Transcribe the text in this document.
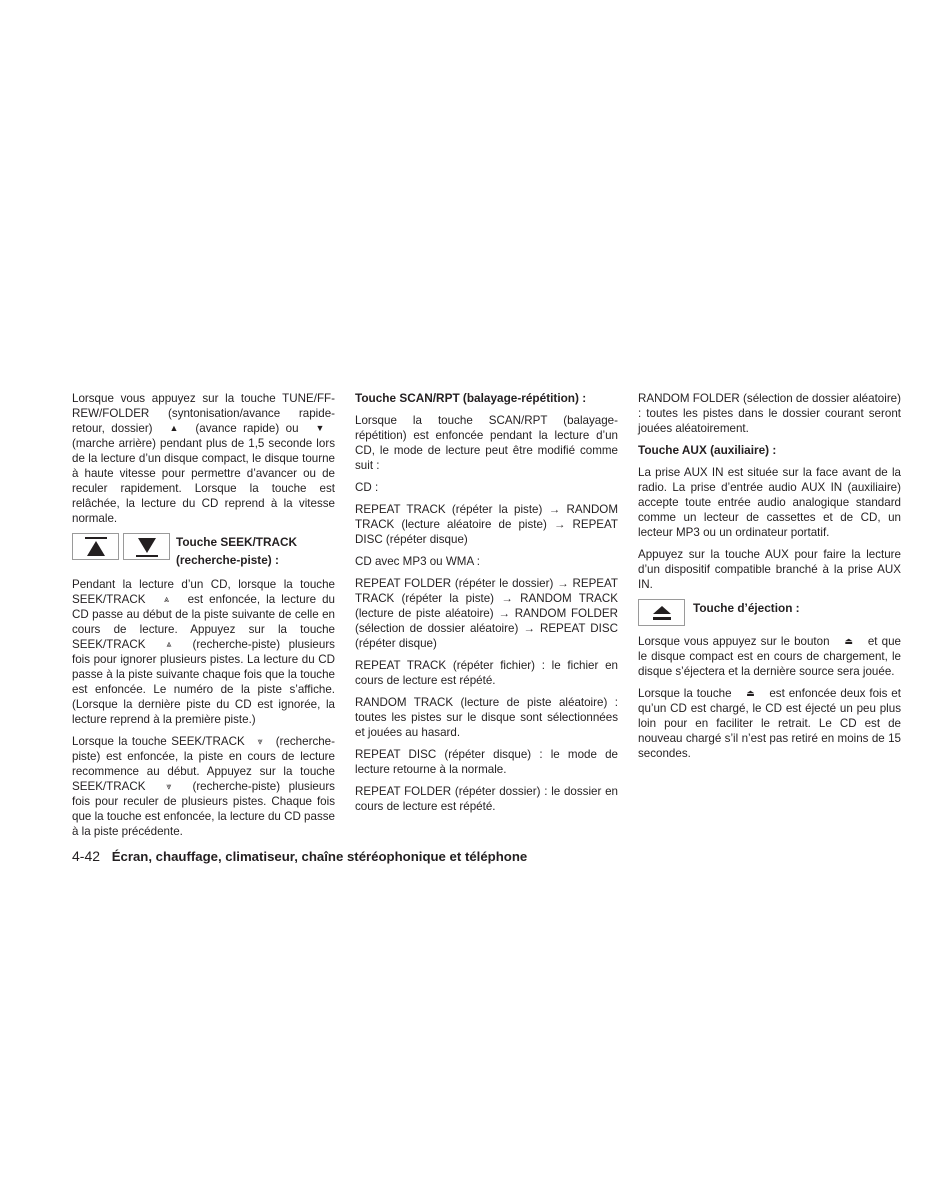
Lorsque vous appuyez sur la touche TUNE/FF-REW/FOLDER (syntonisation/avance rapide- retour, dossier) ▲ (avance rapide) ou ▼ (marche arrière) pendant plus de 1,5 seconde lors de la lecture d’un disque compact, le disque tourne à haute vitesse pour permettre d’avancer ou de reculer rapidement. Lorsque la touche est relâchée, la lecture du CD reprend à la vitesse normale.

Touche SEEK/TRACK
(recherche-piste) :

Pendant la lecture d’un CD, lorsque la touche SEEK/TRACK ⩓ est enfoncée, la lecture du CD passe au début de la piste suivante de celle en cours de lecture. Appuyez sur la touche SEEK/TRACK ⩓ (recherche-piste) plusieurs fois pour ignorer plusieurs pistes. La lecture du CD passe à la piste suivante chaque fois que la touche est enfoncée. Le numéro de la piste s’affiche. (Lorsque la dernière piste du CD est ignorée, la lecture reprend à la première piste.)

Lorsque la touche SEEK/TRACK ⩔ (recherche-piste) est enfoncée, la piste en cours de lecture recommence au début. Appuyez sur la touche SEEK/TRACK ⩔ (recherche-piste) plusieurs fois pour reculer de plusieurs pistes. Chaque fois que la touche est enfoncée, la lecture du CD passe à la piste précédente.

Touche SCAN/RPT (balayage-répétition) :

Lorsque la touche SCAN/RPT (balayage-répétition) est enfoncée pendant la lecture d’un CD, le mode de lecture peut être modifié comme suit :

CD :

REPEAT TRACK (répéter la piste) → RANDOM TRACK (lecture aléatoire de piste) → REPEAT DISC (répéter disque)

CD avec MP3 ou WMA :

REPEAT FOLDER (répéter le dossier) → REPEAT TRACK (répéter la piste) → RANDOM TRACK (lecture de piste aléatoire) → RANDOM FOLDER (sélection de dossier aléatoire) → REPEAT DISC (répéter disque)

REPEAT TRACK (répéter fichier) : le fichier en cours de lecture est répété.

RANDOM TRACK (lecture de piste aléatoire) : toutes les pistes sur le disque sont sélectionnées et jouées au hasard.

REPEAT DISC (répéter disque) : le mode de lecture retourne à la normale.

REPEAT FOLDER (répéter dossier) : le dossier en cours de lecture est répété.

RANDOM FOLDER (sélection de dossier aléatoire) : toutes les pistes dans le dossier courant seront jouées aléatoirement.

Touche AUX (auxiliaire) :

La prise AUX IN est située sur la face avant de la radio. La prise d’entrée audio AUX IN (auxiliaire) accepte toute entrée audio analogique standard comme un lecteur de cassettes et de CD, un lecteur MP3 ou un ordinateur portatif.

Appuyez sur la touche AUX pour faire la lecture d’un dispositif compatible branché à la prise AUX IN.

Touche d’éjection :

Lorsque vous appuyez sur le bouton ⏏ et que le disque compact est en cours de chargement, le disque s’éjectera et la dernière source sera jouée.

Lorsque la touche ⏏ est enfoncée deux fois et qu’un CD est chargé, le CD est éjecté un peu plus loin pour en faciliter le retrait. Le CD est de nouveau chargé s’il n’est pas retiré en moins de 15 secondes.

4-42 Écran, chauffage, climatiseur, chaîne stéréophonique et téléphone
